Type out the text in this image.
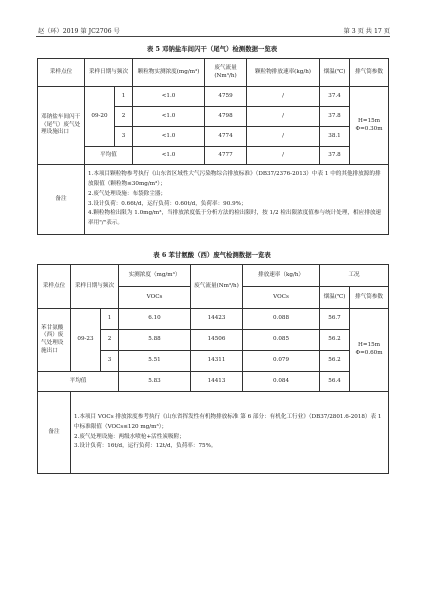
赵（环）2019 第 JC2706 号	第 3 页 共 17 页
表 5 邓钠盐车间闪干（尾气）检测数据一览表
采样点位	采样日期与频次		颗粒物实测浓度(mg/m³)	废气流量(Nm³/h)	颗粒物排放速率(kg/h)	烟温(℃)	排气筒参数
邓钠盐车间闪干（尾气）废气处理设施出口	09-20	1	<1.0	4759	/	37.4	H=15m
Φ=0.30m
		2	<1.0	4798	/	37.8	
		3	<1.0	4774	/	38.1	
	平均值		<1.0	4777	/	37.8	
备注	1.本项目颗粒物参考执行《山东省区域性大气污染物综合排放标准》（DB37/2376-2013）中表 1 中的其他排放源的排放限值（颗粒物≤30mg/m³）；
2.废气处理设施：布袋除尘器；
3.设计负荷：0.66t/d，运行负荷：0.60t/d，负荷率：90.9%；
4.颗粒物检出限为 1.0mg/m³，当排放浓度低于分析方法的检出限时，按 1/2 检出限浓度值参与统计处理，相应排放速率用"/"表示。						
表 6 苯甘氨酸（西）废气检测数据一览表
采样点位	采样日期与频次		实测浓度（mg/m³）	废气流量(Nm³/h)	排放速率（kg/h）	工况	
			VOCs		VOCs	烟温(℃)	排气筒参数
苯甘氨酸（西）废气处理设施出口	09-23	1	6.10	14423	0.088	56.7	H=15m
Φ=0.60m
		2	5.88	14506	0.085	56.2	
		3	5.51	14311	0.079	56.2	
平均值			5.83	14413	0.084	56.4	
备注	1.本项目 VOCs 排放浓度参考执行《山东省挥发性有机物排放标准 第 6 部分：有机化工行业》（DB37/2801.6-2018）表 1 中标准限值（VOCs≤120 mg/m³）；
2.废气处理设施：两级水喷枪+活性炭吸附；
3.设计负荷：16t/d，运行负荷：12t/d，负荷率：75%。						
